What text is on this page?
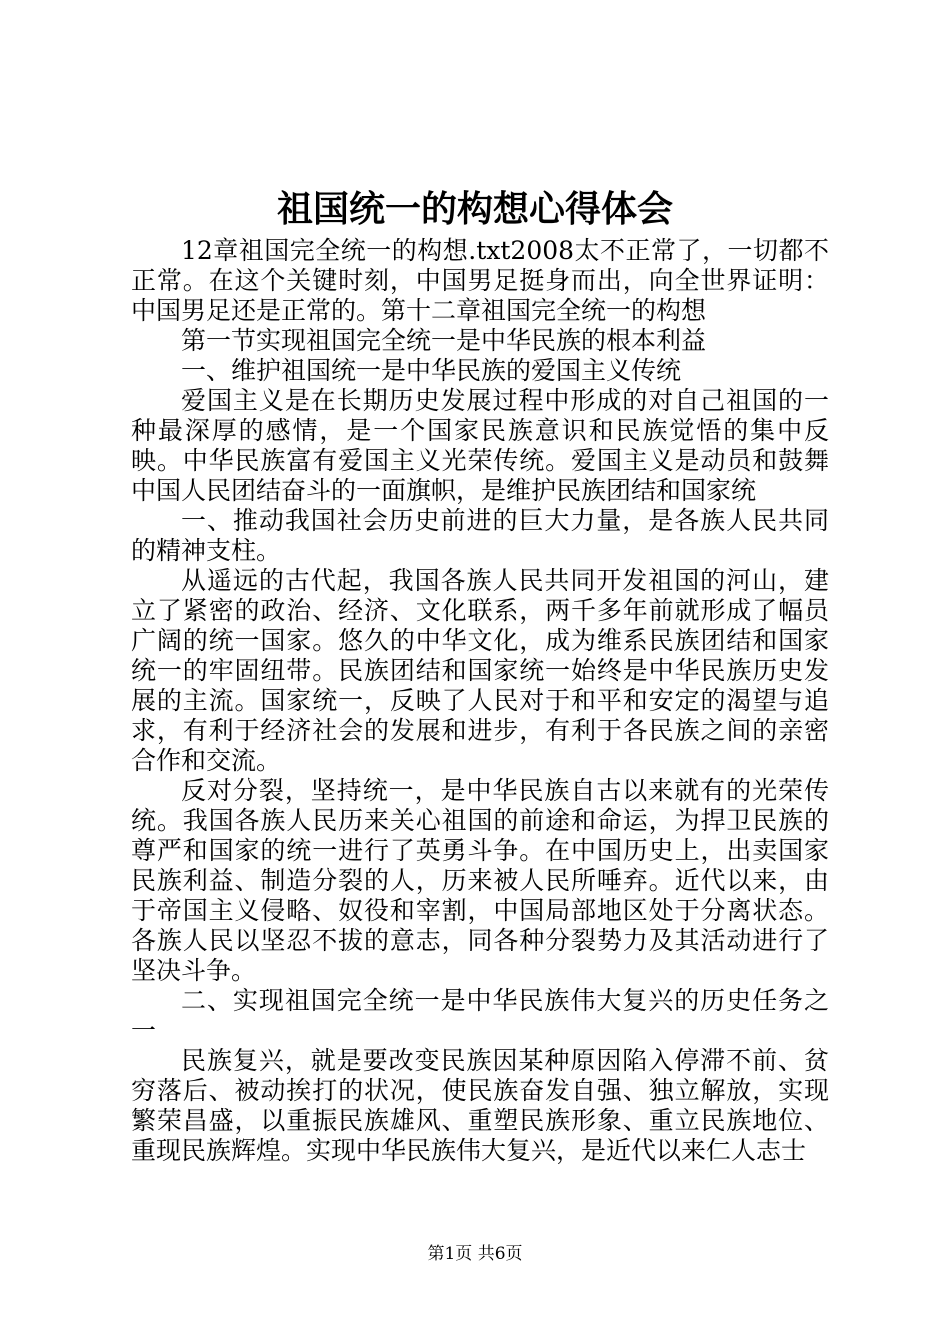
祖国统一的构想心得体会

12章祖国完全统一的构想.txt2008太不正常了，一切都不正常。在这个关键时刻，中国男足挺身而出，向全世界证明：中国男足还是正常的。第十二章祖国完全统一的构想

第一节实现祖国完全统一是中华民族的根本利益

一、维护祖国统一是中华民族的爱国主义传统

爱国主义是在长期历史发展过程中形成的对自己祖国的一种最深厚的感情，是一个国家民族意识和民族觉悟的集中反映。中华民族富有爱国主义光荣传统。爱国主义是动员和鼓舞中国人民团结奋斗的一面旗帜，是维护民族团结和国家统

一、推动我国社会历史前进的巨大力量，是各族人民共同的精神支柱。

从遥远的古代起，我国各族人民共同开发祖国的河山，建立了紧密的政治、经济、文化联系，两千多年前就形成了幅员广阔的统一国家。悠久的中华文化，成为维系民族团结和国家统一的牢固纽带。民族团结和国家统一始终是中华民族历史发展的主流。国家统一，反映了人民对于和平和安定的渴望与追求，有利于经济社会的发展和进步，有利于各民族之间的亲密合作和交流。

反对分裂，坚持统一，是中华民族自古以来就有的光荣传统。我国各族人民历来关心祖国的前途和命运，为捍卫民族的尊严和国家的统一进行了英勇斗争。在中国历史上，出卖国家民族利益、制造分裂的人，历来被人民所唾弃。近代以来，由于帝国主义侵略、奴役和宰割，中国局部地区处于分离状态。各族人民以坚忍不拔的意志，同各种分裂势力及其活动进行了坚决斗争。

二、实现祖国完全统一是中华民族伟大复兴的历史任务之一

民族复兴，就是要改变民族因某种原因陷入停滞不前、贫穷落后、被动挨打的状况，使民族奋发自强、独立解放，实现繁荣昌盛，以重振民族雄风、重塑民族形象、重立民族地位、重现民族辉煌。实现中华民族伟大复兴，是近代以来仁人志士

第1页 共6页
